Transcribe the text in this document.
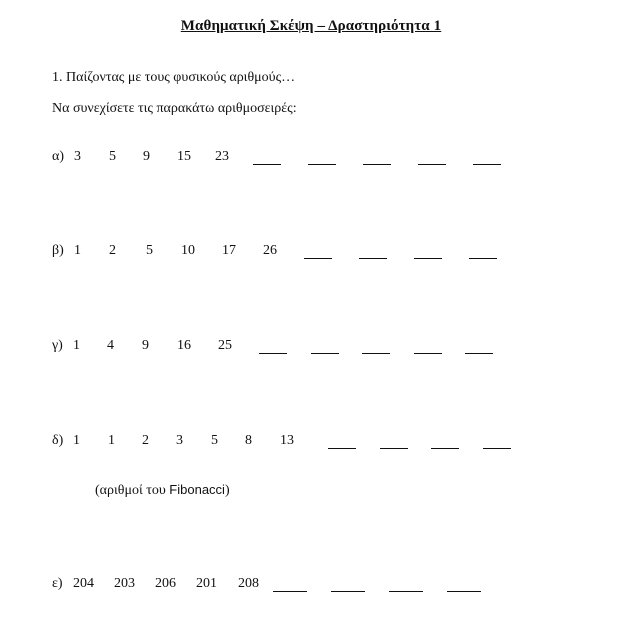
Μαθηματική Σκέψη – Δραστηριότητα 1
1. Παίζοντας με τους φυσικούς αριθμούς…
Να συνεχίσετε τις παρακάτω αριθμοσειρές:
α) 3 5 9 15 23
β) 1 2 5 10 17 26
γ) 1 4 9 16 25
δ) 1 1 2 3 5 8 13
(αριθμοί του Fibonacci)
ε) 204 203 206 201 208
